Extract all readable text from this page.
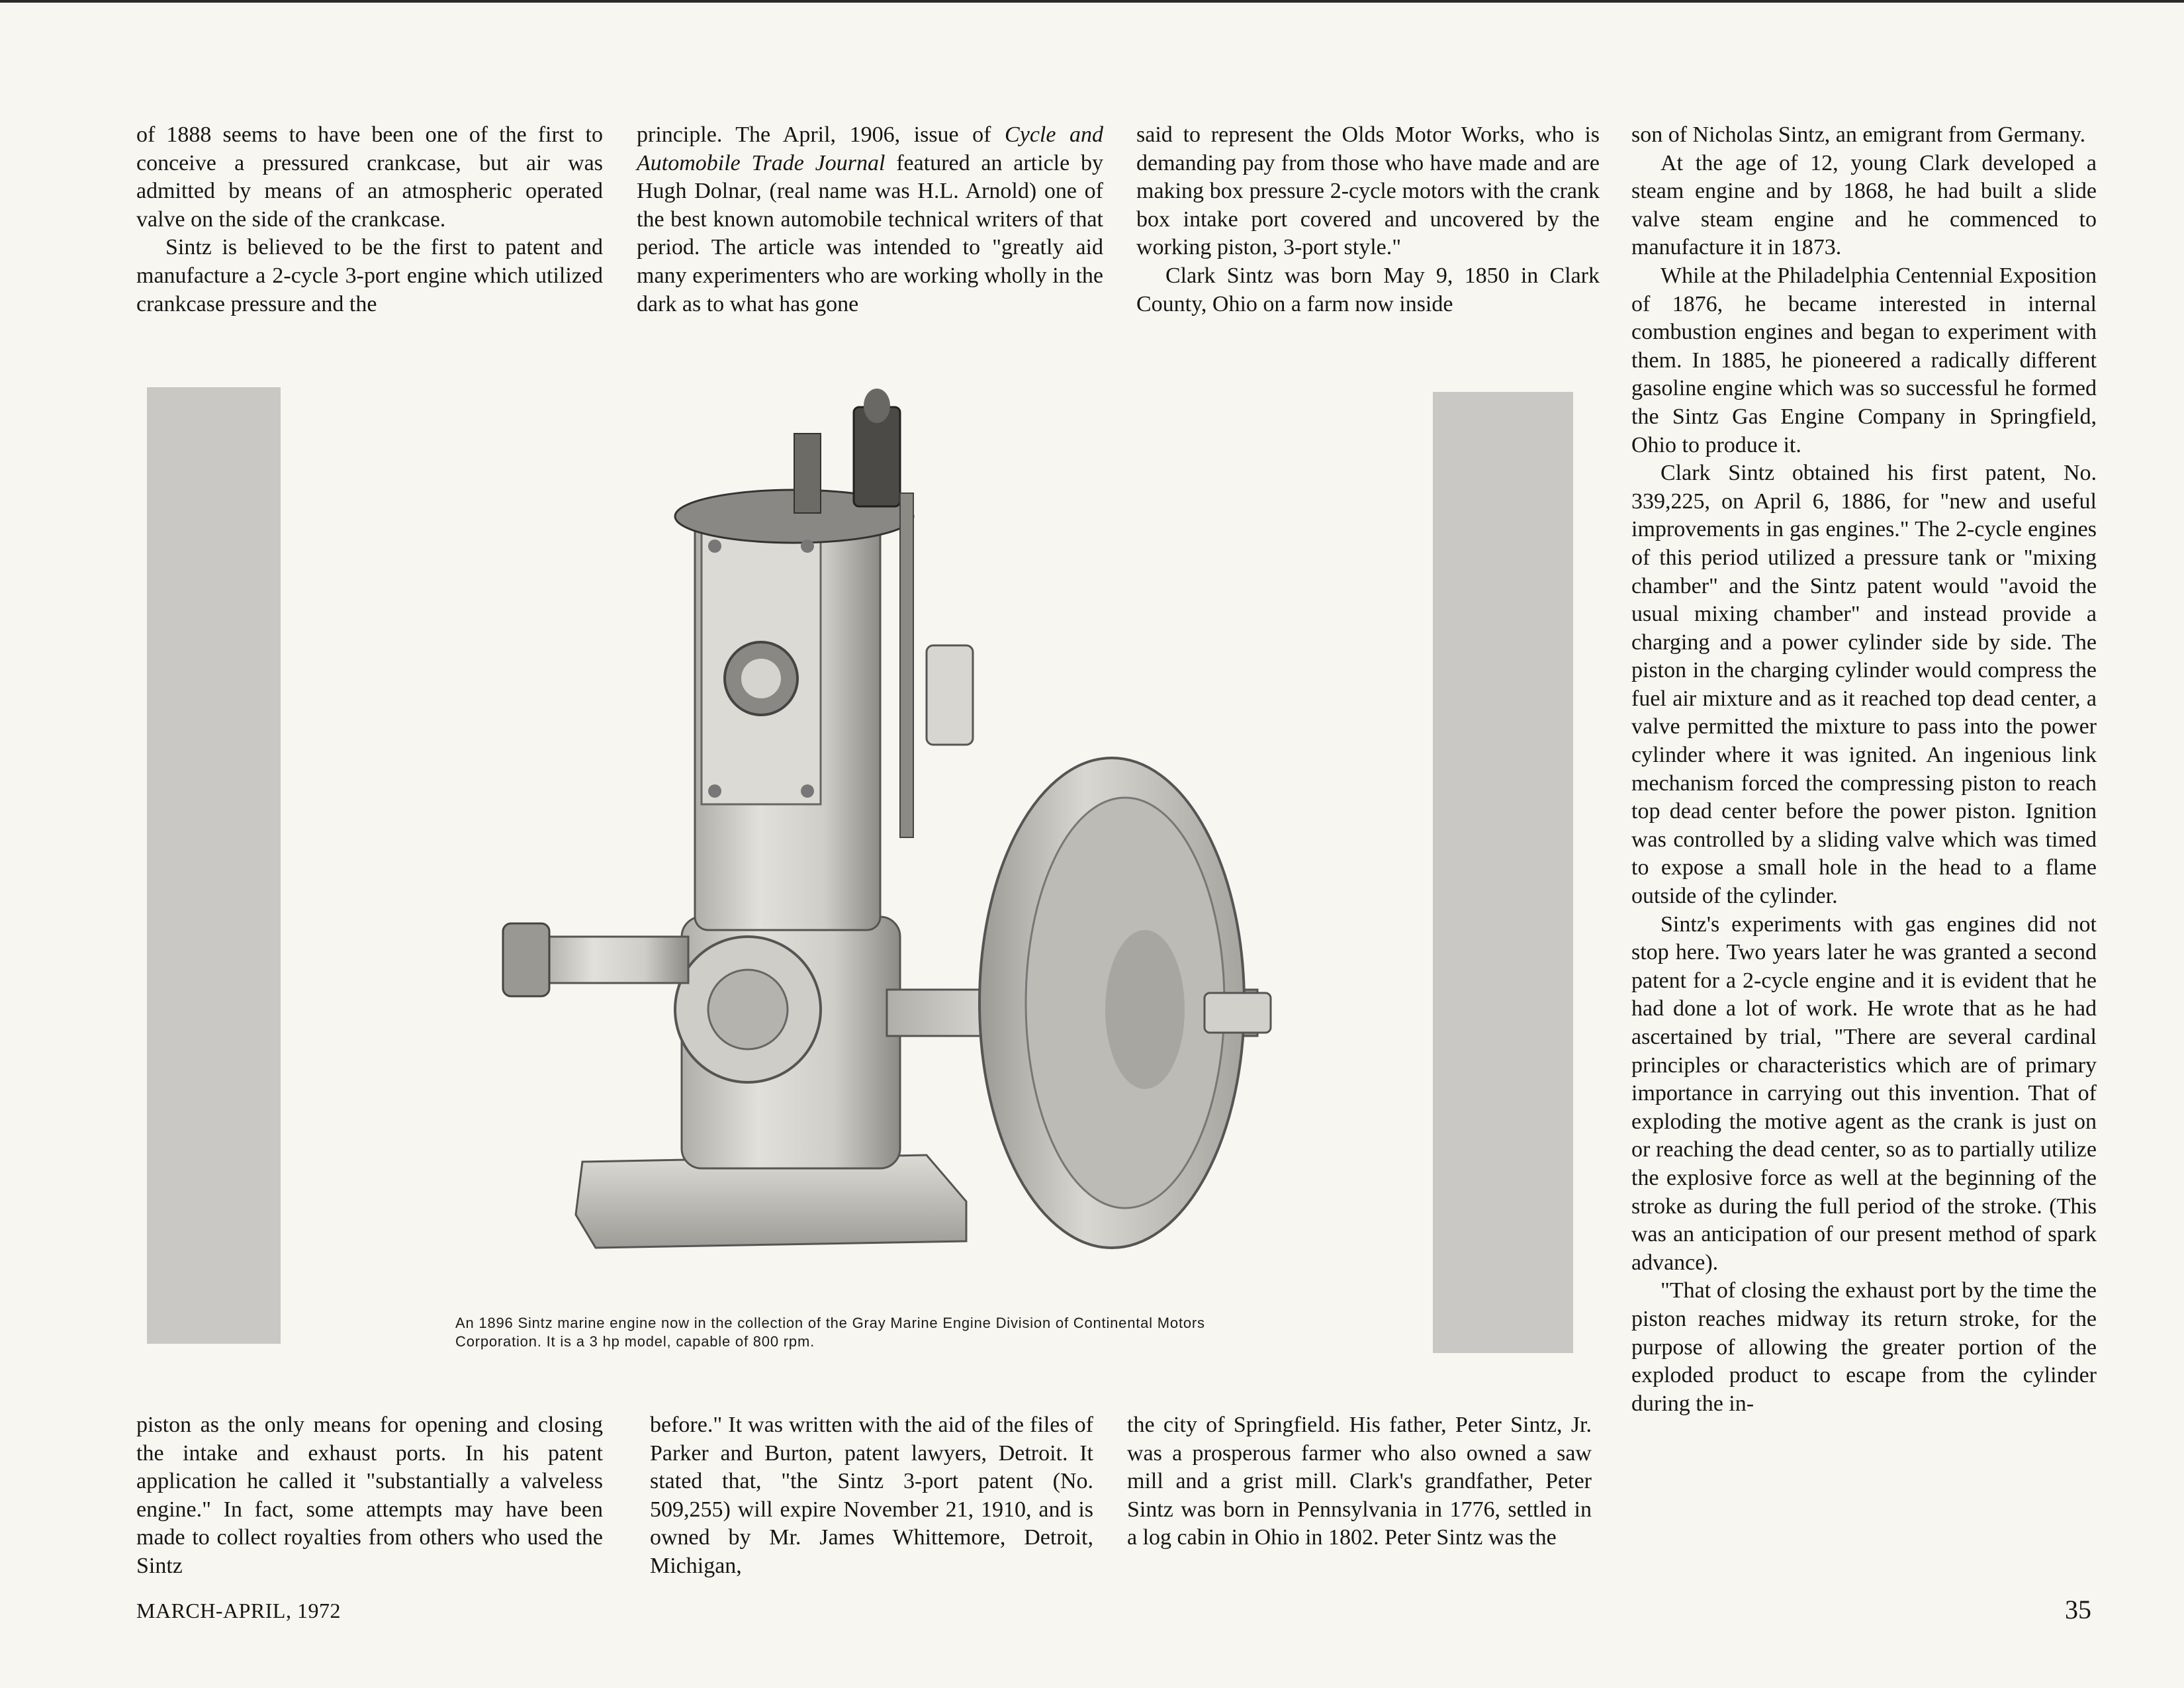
of 1888 seems to have been one of the first to conceive a pressured crankcase, but air was admitted by means of an atmospheric operated valve on the side of the crankcase.

Sintz is believed to be the first to patent and manufacture a 2-cycle 3-port engine which utilized crankcase pressure and the

piston as the only means for opening and closing the intake and exhaust ports. In his patent application he called it "substantially a valveless engine." In fact, some attempts may have been made to collect royalties from others who used the Sintz

principle. The April, 1906, issue of Cycle and Automobile Trade Journal featured an article by Hugh Dolnar, (real name was H.L. Arnold) one of the best known automobile technical writers of that period. The article was intended to "greatly aid many experimenters who are working wholly in the dark as to what has gone

before." It was written with the aid of the files of Parker and Burton, patent lawyers, Detroit. It stated that, "the Sintz 3-port patent (No. 509,255) will expire November 21, 1910, and is owned by Mr. James Whittemore, Detroit, Michigan,

said to represent the Olds Motor Works, who is demanding pay from those who have made and are making box pressure 2-cycle motors with the crank box intake port covered and uncovered by the working piston, 3-port style."

Clark Sintz was born May 9, 1850 in Clark County, Ohio on a farm now inside

the city of Springfield. His father, Peter Sintz, Jr. was a prosperous farmer who also owned a saw mill and a grist mill. Clark's grandfather, Peter Sintz was born in Pennsylvania in 1776, settled in a log cabin in Ohio in 1802. Peter Sintz was the

son of Nicholas Sintz, an emigrant from Germany.

At the age of 12, young Clark developed a steam engine and by 1868, he had built a slide valve steam engine and he commenced to manufacture it in 1873.

While at the Philadelphia Centennial Exposition of 1876, he became interested in internal combustion engines and began to experiment with them. In 1885, he pioneered a radically different gasoline engine which was so successful he formed the Sintz Gas Engine Company in Springfield, Ohio to produce it.

Clark Sintz obtained his first patent, No. 339,225, on April 6, 1886, for "new and useful improvements in gas engines." The 2-cycle engines of this period utilized a pressure tank or "mixing chamber" and the Sintz patent would "avoid the usual mixing chamber" and instead provide a charging and a power cylinder side by side. The piston in the charging cylinder would compress the fuel air mixture and as it reached top dead center, a valve permitted the mixture to pass into the power cylinder where it was ignited. An ingenious link mechanism forced the compressing piston to reach top dead center before the power piston. Ignition was controlled by a sliding valve which was timed to expose a small hole in the head to a flame outside of the cylinder.

Sintz's experiments with gas engines did not stop here. Two years later he was granted a second patent for a 2-cycle engine and it is evident that he had done a lot of work. He wrote that as he had ascertained by trial, "There are several cardinal principles or characteristics which are of primary importance in carrying out this invention. That of exploding the motive agent as the crank is just on or reaching the dead center, so as to partially utilize the explosive force as well at the beginning of the stroke as during the full period of the stroke. (This was an anticipation of our present method of spark advance).

"That of closing the exhaust port by the time the piston reaches midway its return stroke, for the purpose of allowing the greater portion of the exploded product to escape from the cylinder during the in-

An 1896 Sintz marine engine now in the collection of the Gray Marine Engine Division of Continental Motors Corporation. It is a 3 hp model, capable of 800 rpm.
MARCH-APRIL, 1972	35
